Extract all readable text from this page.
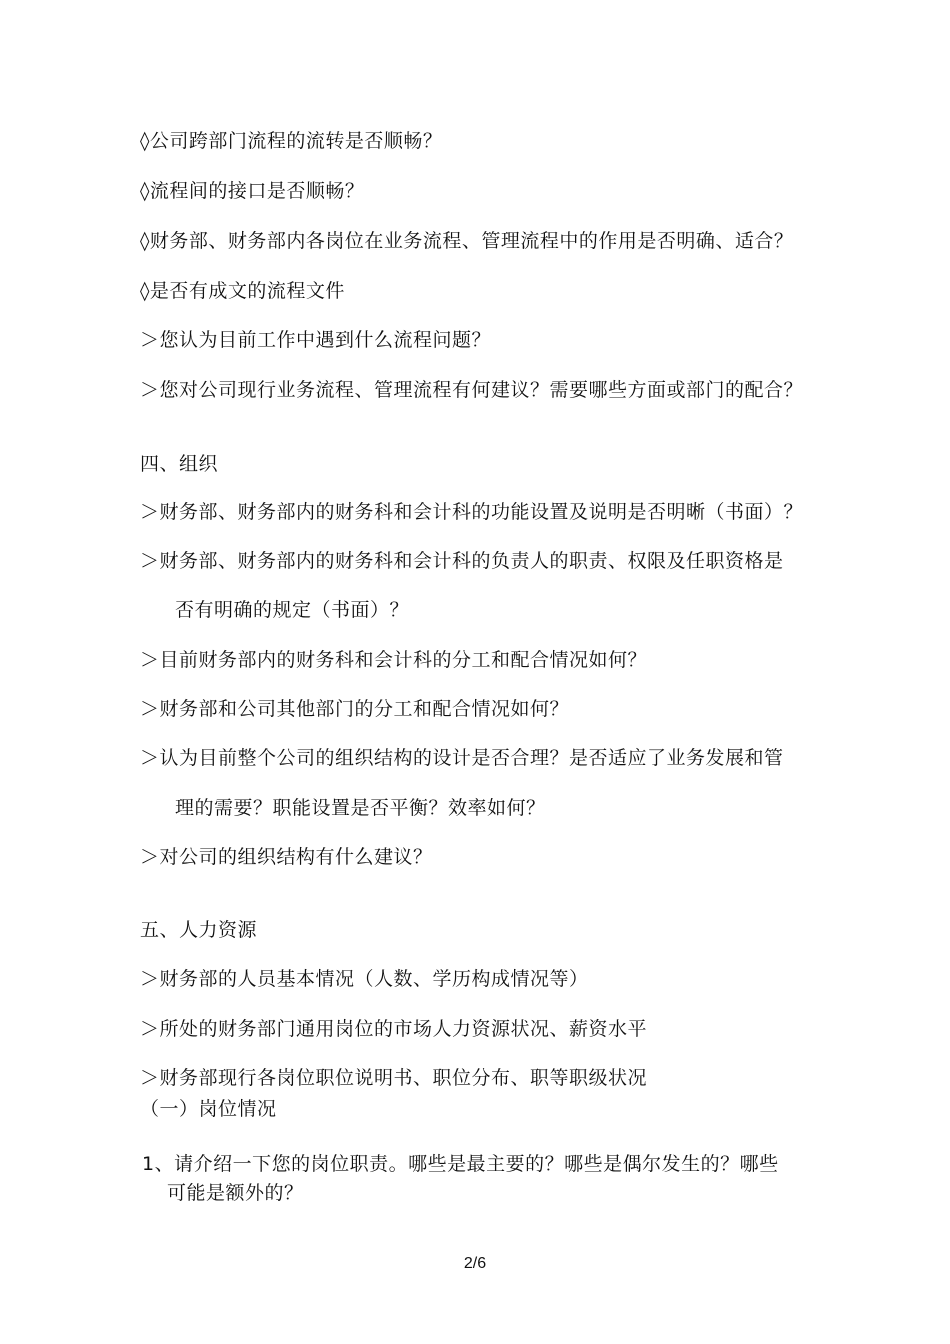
◊公司跨部门流程的流转是否顺畅？
◊流程间的接口是否顺畅？
◊财务部、财务部内各岗位在业务流程、管理流程中的作用是否明确、适合？
◊是否有成文的流程文件
＞您认为目前工作中遇到什么流程问题？
＞您对公司现行业务流程、管理流程有何建议？需要哪些方面或部门的配合？
四、组织
＞财务部、财务部内的财务科和会计科的功能设置及说明是否明晰（书面）？
＞财务部、财务部内的财务科和会计科的负责人的职责、权限及任职资格是
否有明确的规定（书面）？
＞目前财务部内的财务科和会计科的分工和配合情况如何？
＞财务部和公司其他部门的分工和配合情况如何？
＞认为目前整个公司的组织结构的设计是否合理？是否适应了业务发展和管
理的需要？职能设置是否平衡？效率如何？
＞对公司的组织结构有什么建议？
五、人力资源
＞财务部的人员基本情况（人数、学历构成情况等）
＞所处的财务部门通用岗位的市场人力资源状况、薪资水平
＞财务部现行各岗位职位说明书、职位分布、职等职级状况
（一）岗位情况
1、请介绍一下您的岗位职责。哪些是最主要的？哪些是偶尔发生的？哪些
可能是额外的？
2/6
